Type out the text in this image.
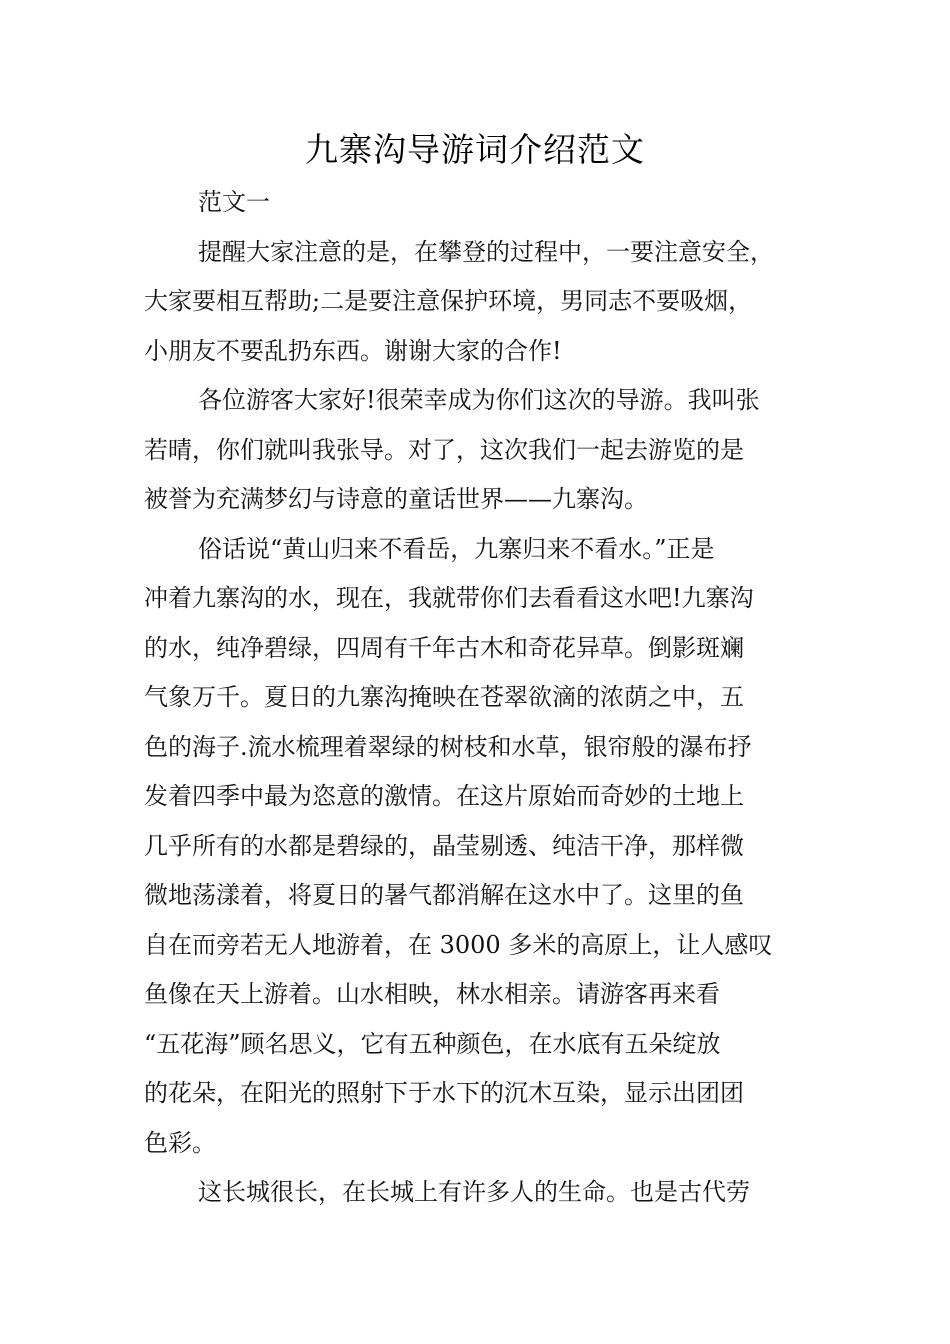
九寨沟导游词介绍范文
范文一
提醒大家注意的是，在攀登的过程中，一要注意安全，
大家要相互帮助;二是要注意保护环境，男同志不要吸烟，
小朋友不要乱扔东西。谢谢大家的合作!
各位游客大家好!很荣幸成为你们这次的导游。我叫张
若晴，你们就叫我张导。对了，这次我们一起去游览的是
被誉为充满梦幻与诗意的童话世界——九寨沟。
俗话说“黄山归来不看岳，九寨归来不看水。”正是
冲着九寨沟的水，现在，我就带你们去看看这水吧!九寨沟
的水，纯净碧绿，四周有千年古木和奇花异草。倒影斑斓
气象万千。夏日的九寨沟掩映在苍翠欲滴的浓荫之中，五
色的海子.流水梳理着翠绿的树枝和水草，银帘般的瀑布抒
发着四季中最为恣意的激情。在这片原始而奇妙的土地上
几乎所有的水都是碧绿的，晶莹剔透、纯洁干净，那样微
微地荡漾着，将夏日的暑气都消解在这水中了。这里的鱼
自在而旁若无人地游着，在 3000 多米的高原上，让人感叹
鱼像在天上游着。山水相映，林水相亲。请游客再来看
“五花海”顾名思义，它有五种颜色，在水底有五朵绽放
的花朵，在阳光的照射下于水下的沉木互染，显示出团团
色彩。
这长城很长，在长城上有许多人的生命。也是古代劳
